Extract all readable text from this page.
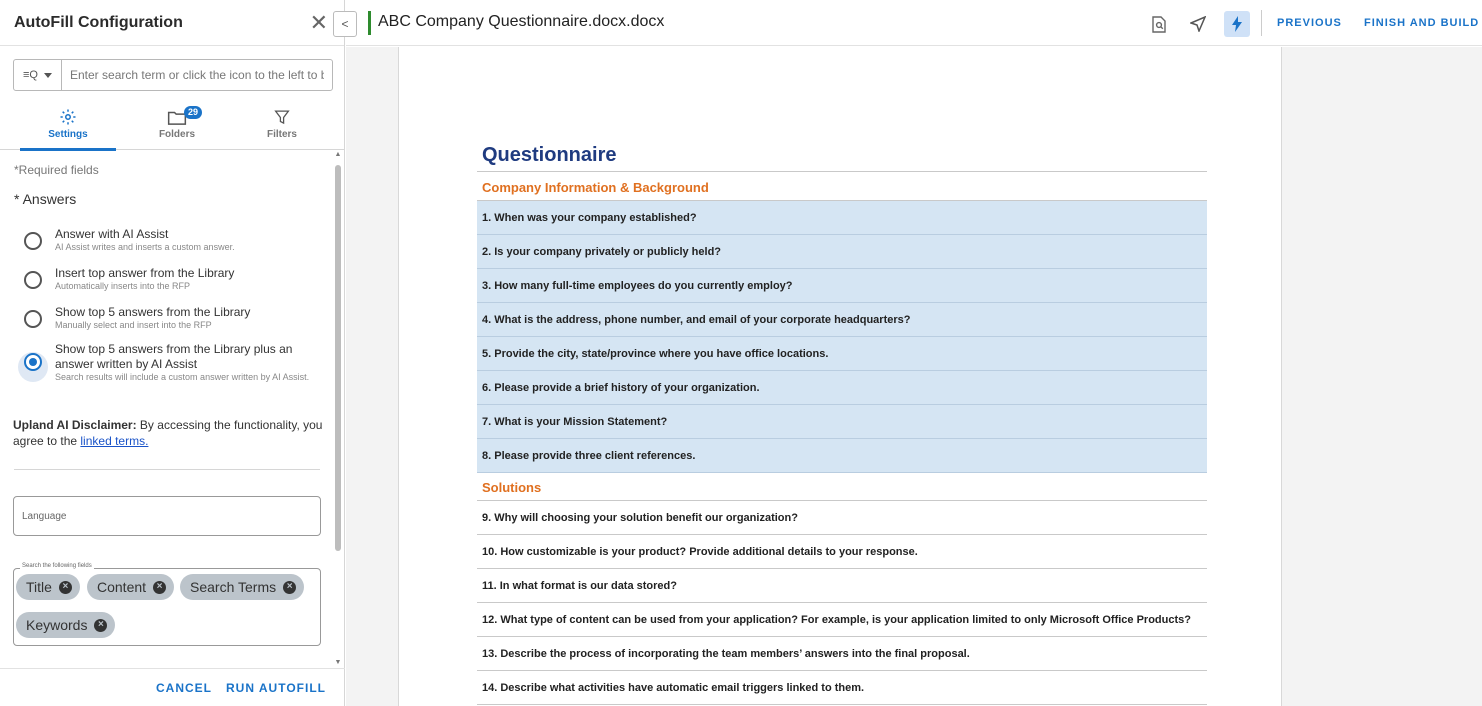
AutoFill Configuration	✕
≡Q
Enter search term or click the icon to the left to b
Settings
29
Folders	Filters
*Required fields
* Answers
Answer with AI Assist
AI Assist writes and inserts a custom answer.
Insert top answer from the Library
Automatically inserts into the RFP
Show top 5 answers from the Library
Manually select and insert into the RFP
Show top 5 answers from the Library plus an answer written by AI Assist
Search results will include a custom answer written by AI Assist.
Upland AI Disclaimer: By accessing the functionality, you agree to the linked terms.
Language
Search the following fields
Title	× Content	× Search Terms	×
Keywords	×
▲
▼
CANCEL RUN AUTOFILL
<	ABC Company Questionnaire.docx.docx	PREVIOUS FINISH AND BUILD
Questionnaire
Company Information & Background
1. When was your company established?
2. Is your company privately or publicly held?
3. How many full-time employees do you currently employ?
4. What is the address, phone number, and email of your corporate headquarters?
5. Provide the city, state/province where you have office locations.
6. Please provide a brief history of your organization.
7. What is your Mission Statement?
8. Please provide three client references.
Solutions
9. Why will choosing your solution benefit our organization?
10. How customizable is your product? Provide additional details to your response.
11. In what format is our data stored?
12. What type of content can be used from your application? For example, is your application limited to only Microsoft Office Products?
13. Describe the process of incorporating the team members’ answers into the final proposal.
14. Describe what activities have automatic email triggers linked to them.
